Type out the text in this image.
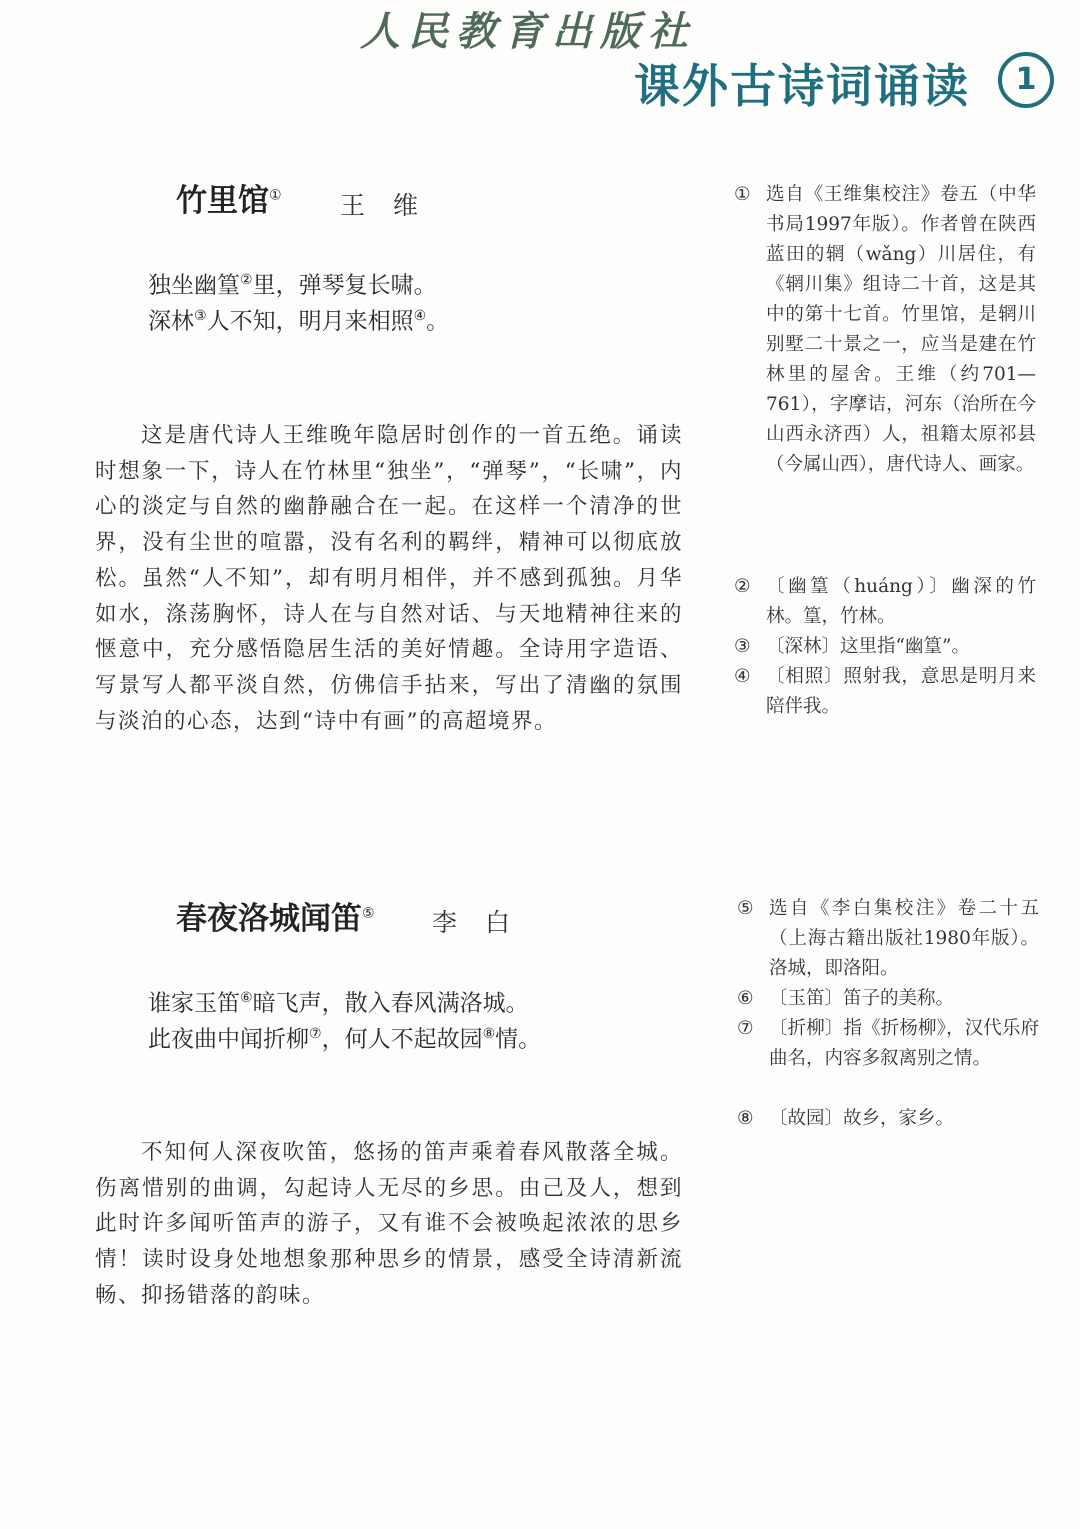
人民教育出版社
课外古诗词诵读	1
竹里馆① 王维
独坐幽篁②里，弹琴复长啸。
深林③人不知，明月来相照④。
这是唐代诗人王维晚年隐居时创作的一首五绝。诵读时想象一下，诗人在竹林里“独坐”，“弹琴”，“长啸”，内心的淡定与自然的幽静融合在一起。在这样一个清净的世界，没有尘世的喧嚣，没有名利的羁绊，精神可以彻底放松。虽然“人不知”，却有明月相伴，并不感到孤独。月华如水，涤荡胸怀，诗人在与自然对话、与天地精神往来的惬意中，充分感悟隐居生活的美好情趣。全诗用字造语、写景写人都平淡自然，仿佛信手拈来，写出了清幽的氛围与淡泊的心态，达到“诗中有画”的高超境界。
① 选自《王维集校注》卷五（中华书局1997年版）。作者曾在陕西蓝田的辋（wǎng）川居住，有《辋川集》组诗二十首，这是其中的第十七首。竹里馆，是辋川别墅二十景之一，应当是建在竹林里的屋舍。王维（约701—761），字摩诘，河东（治所在今山西永济西）人，祖籍太原祁县（今属山西），唐代诗人、画家。
② 〔幽篁（huáng）〕幽深的竹林。篁，竹林。
③ 〔深林〕这里指“幽篁”。
④ 〔相照〕照射我，意思是明月来陪伴我。
春夜洛城闻笛⑤ 李白
谁家玉笛⑥暗飞声，散入春风满洛城。
此夜曲中闻折柳⑦，何人不起故园⑧情。
不知何人深夜吹笛，悠扬的笛声乘着春风散落全城。伤离惜别的曲调，勾起诗人无尽的乡思。由己及人，想到此时许多闻听笛声的游子，又有谁不会被唤起浓浓的思乡情！读时设身处地想象那种思乡的情景，感受全诗清新流畅、抑扬错落的韵味。
⑤ 选自《李白集校注》卷二十五（上海古籍出版社1980年版）。洛城，即洛阳。
⑥ 〔玉笛〕笛子的美称。
⑦ 〔折柳〕指《折杨柳》，汉代乐府曲名，内容多叙离别之情。
⑧ 〔故园〕故乡，家乡。
